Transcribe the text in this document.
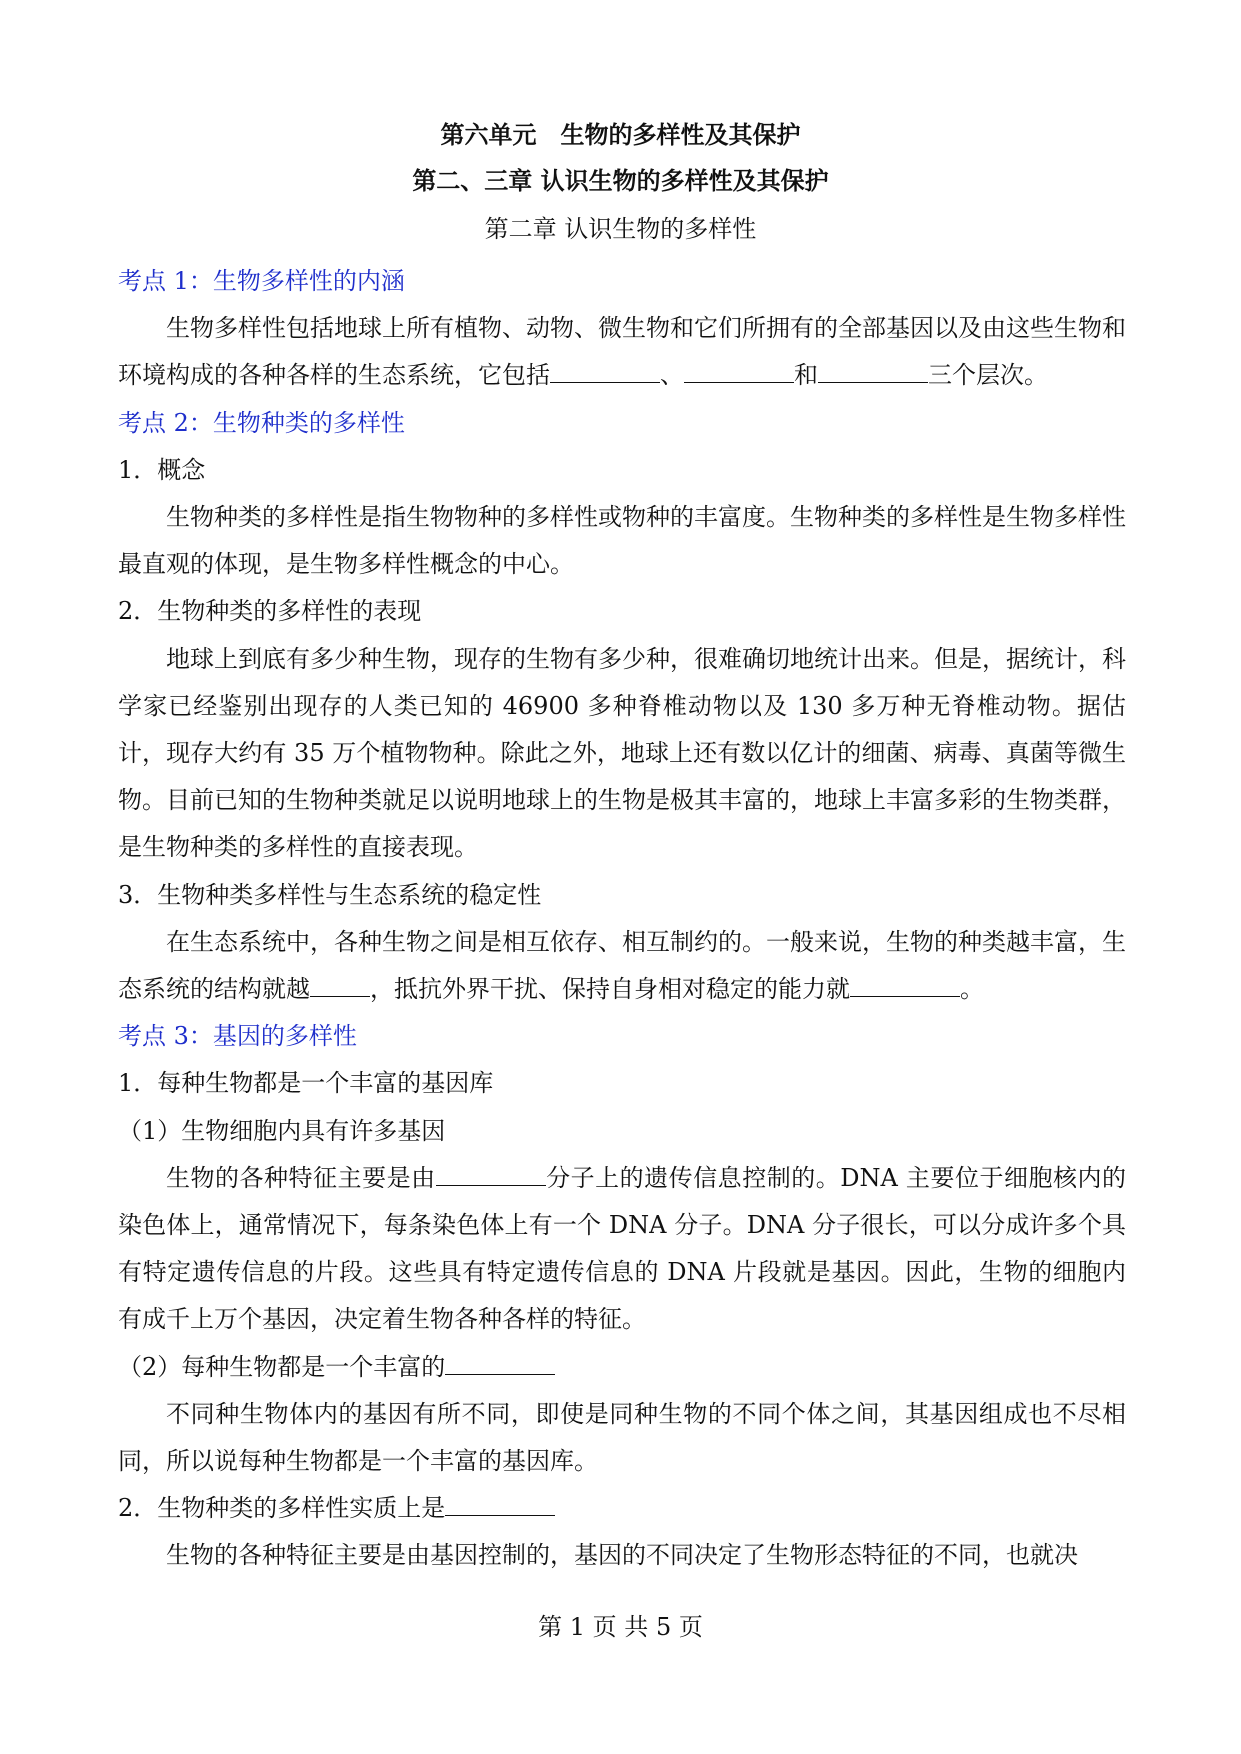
第六单元　生物的多样性及其保护
第二、三章 认识生物的多样性及其保护
第二章 认识生物的多样性

考点 1：生物多样性的内涵

生物多样性包括地球上所有植物、动物、微生物和它们所拥有的全部基因以及由这些生物和环境构成的各种各样的生态系统，它包括	、	和	三个层次。

考点 2：生物种类的多样性

1．概念

生物种类的多样性是指生物物种的多样性或物种的丰富度。生物种类的多样性是生物多样性最直观的体现，是生物多样性概念的中心。

2．生物种类的多样性的表现

地球上到底有多少种生物，现存的生物有多少种，很难确切地统计出来。但是，据统计，科学家已经鉴别出现存的人类已知的 46900 多种脊椎动物以及 130 多万种无脊椎动物。据估计，现存大约有 35 万个植物物种。除此之外，地球上还有数以亿计的细菌、病毒、真菌等微生物。目前已知的生物种类就足以说明地球上的生物是极其丰富的，地球上丰富多彩的生物类群，是生物种类的多样性的直接表现。

3．生物种类多样性与生态系统的稳定性

在生态系统中，各种生物之间是相互依存、相互制约的。一般来说，生物的种类越丰富，生态系统的结构就越	，抵抗外界干扰、保持自身相对稳定的能力就	。

考点 3：基因的多样性

1．每种生物都是一个丰富的基因库

（1）生物细胞内具有许多基因

生物的各种特征主要是由	分子上的遗传信息控制的。DNA 主要位于细胞核内的染色体上，通常情况下，每条染色体上有一个 DNA 分子。DNA 分子很长，可以分成许多个具有特定遗传信息的片段。这些具有特定遗传信息的 DNA 片段就是基因。因此，生物的细胞内有成千上万个基因，决定着生物各种各样的特征。

（2）每种生物都是一个丰富的

不同种生物体内的基因有所不同，即使是同种生物的不同个体之间，其基因组成也不尽相同，所以说每种生物都是一个丰富的基因库。

2．生物种类的多样性实质上是

生物的各种特征主要是由基因控制的，基因的不同决定了生物形态特征的不同，也就决

第 1 页 共 5 页
